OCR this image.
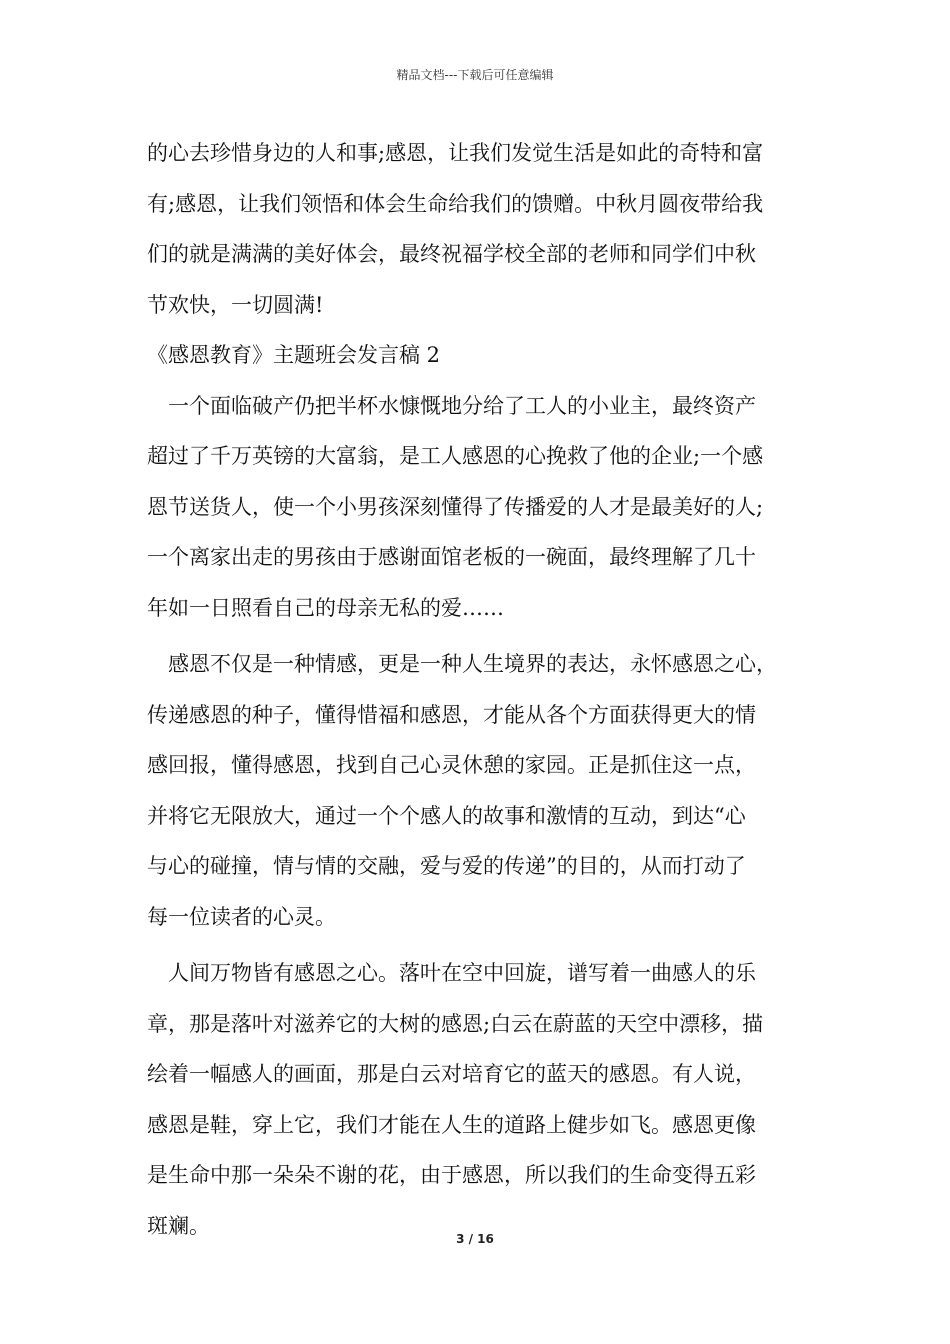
精品文档---下载后可任意编辑
的心去珍惜身边的人和事;感恩，让我们发觉生活是如此的奇特和富
有;感恩，让我们领悟和体会生命给我们的馈赠。中秋月圆夜带给我
们的就是满满的美好体会，最终祝福学校全部的老师和同学们中秋
节欢快，一切圆满!
《感恩教育》主题班会发言稿 2
　一个面临破产仍把半杯水慷慨地分给了工人的小业主，最终资产
超过了千万英镑的大富翁，是工人感恩的心挽救了他的企业;一个感
恩节送货人，使一个小男孩深刻懂得了传播爱的人才是最美好的人;
一个离家出走的男孩由于感谢面馆老板的一碗面，最终理解了几十
年如一日照看自己的母亲无私的爱……
　感恩不仅是一种情感，更是一种人生境界的表达，永怀感恩之心，
传递感恩的种子，懂得惜福和感恩，才能从各个方面获得更大的情
感回报，懂得感恩，找到自己心灵休憩的家园。正是抓住这一点，
并将它无限放大，通过一个个感人的故事和激情的互动，到达“心
与心的碰撞，情与情的交融，爱与爱的传递”的目的，从而打动了
每一位读者的心灵。
　人间万物皆有感恩之心。落叶在空中回旋，谱写着一曲感人的乐
章，那是落叶对滋养它的大树的感恩;白云在蔚蓝的天空中漂移，描
绘着一幅感人的画面，那是白云对培育它的蓝天的感恩。有人说，
感恩是鞋，穿上它，我们才能在人生的道路上健步如飞。感恩更像
是生命中那一朵朵不谢的花，由于感恩，所以我们的生命变得五彩
斑斓。
3 / 16
